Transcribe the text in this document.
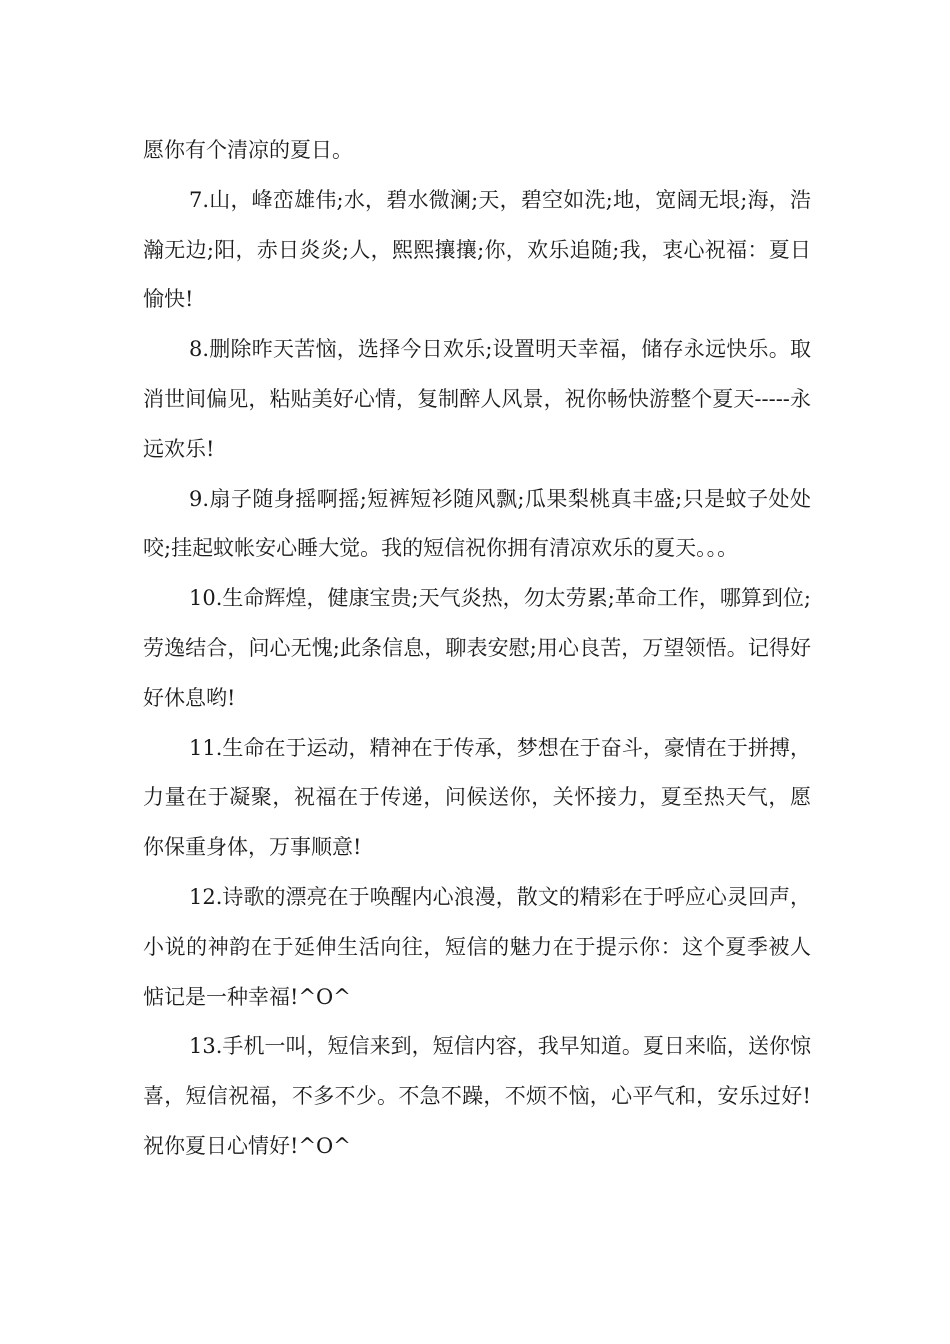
愿你有个清凉的夏日。

7.山，峰峦雄伟;水，碧水微澜;天，碧空如洗;地，宽阔无垠;海，浩瀚无边;阳，赤日炎炎;人，熙熙攘攘;你，欢乐追随;我，衷心祝福：夏日愉快!

8.删除昨天苦恼，选择今日欢乐;设置明天幸福，储存永远快乐。取消世间偏见，粘贴美好心情，复制醉人风景，祝你畅快游整个夏天-----永远欢乐!

9.扇子随身摇啊摇;短裤短衫随风飘;瓜果梨桃真丰盛;只是蚊子处处咬;挂起蚊帐安心睡大觉。我的短信祝你拥有清凉欢乐的夏天。。。

10.生命辉煌，健康宝贵;天气炎热，勿太劳累;革命工作，哪算到位;劳逸结合，问心无愧;此条信息，聊表安慰;用心良苦，万望领悟。记得好好休息哟!

11.生命在于运动，精神在于传承，梦想在于奋斗，豪情在于拼搏，力量在于凝聚，祝福在于传递，问候送你，关怀接力，夏至热天气，愿你保重身体，万事顺意!

12.诗歌的漂亮在于唤醒内心浪漫，散文的精彩在于呼应心灵回声，小说的神韵在于延伸生活向往，短信的魅力在于提示你：这个夏季被人惦记是一种幸福!^O^

13.手机一叫，短信来到，短信内容，我早知道。夏日来临，送你惊喜，短信祝福，不多不少。不急不躁，不烦不恼，心平气和，安乐过好!祝你夏日心情好!^O^
